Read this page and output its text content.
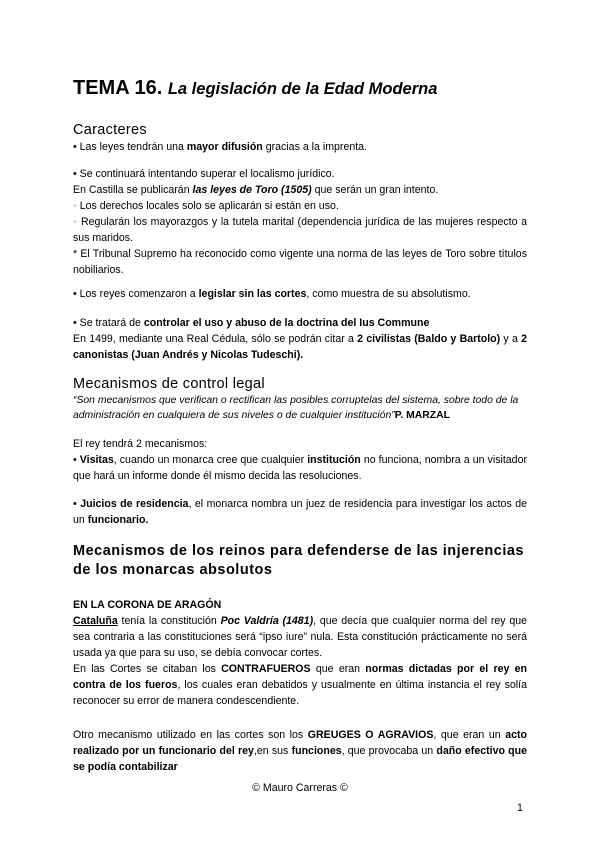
TEMA 16. La legislación de la Edad Moderna

Caracteres

• Las leyes tendrán una mayor difusión gracias a la imprenta.

• Se continuará intentando superar el localismo jurídico.

En Castilla se publicarán las leyes de Toro (1505) que serán un gran intento.

◦ Los derechos locales solo se aplicarán si están en uso.

◦ Regularán los mayorazgos y la tutela marital (dependencia jurídica de las mujeres respecto a sus maridos.

* El Tribunal Supremo ha reconocido como vigente una norma de las leyes de Toro sobre títulos nobiliarios.

• Los reyes comenzaron a legislar sin las cortes, como muestra de su absolutismo.

• Se tratará de controlar el uso y abuso de la doctrina del Ius Commune

En 1499, mediante una Real Cédula, sólo se podrán citar a 2 civilistas (Baldo y Bartolo) y a 2 canonistas (Juan Andrés y Nicolas Tudeschi).

Mecanismos de control legal

“Son mecanismos que verifican o rectifican las posibles corruptelas del sistema, sobre todo de la administración en cualquiera de sus niveles o de cualquier institución”P. MARZAL

El rey tendrá 2 mecanismos:

• Visitas, cuando un monarca cree que cualquier institución no funciona, nombra a un visitador que hará un informe donde él mismo decida las resoluciones.

• Juicios de residencia, el monarca nombra un juez de residencia para investigar los actos de un funcionario.

Mecanismos de los reinos para defenderse de las injerencias de los monarcas absolutos

EN LA CORONA DE ARAGÓN

Cataluña tenía la constitución Poc Valdría (1481), que decía que cualquier norma del rey que sea contraria a las constituciones será “ipso iure” nula. Esta constitución prácticamente no será usada ya que para su uso, se debía convocar cortes.

En las Cortes se citaban los CONTRAFUEROS que eran normas dictadas por el rey en contra de los fueros, los cuales eran debatidos y usualmente en última instancia el rey solía reconocer su error de manera condescendiente.

Otro mecanismo utilizado en las cortes son los GREUGES O AGRAVIOS, que eran un acto realizado por un funcionario del rey,en sus funciones, que provocaba un daño efectivo que se podía contabilizar

© Mauro Carreras ©
1
